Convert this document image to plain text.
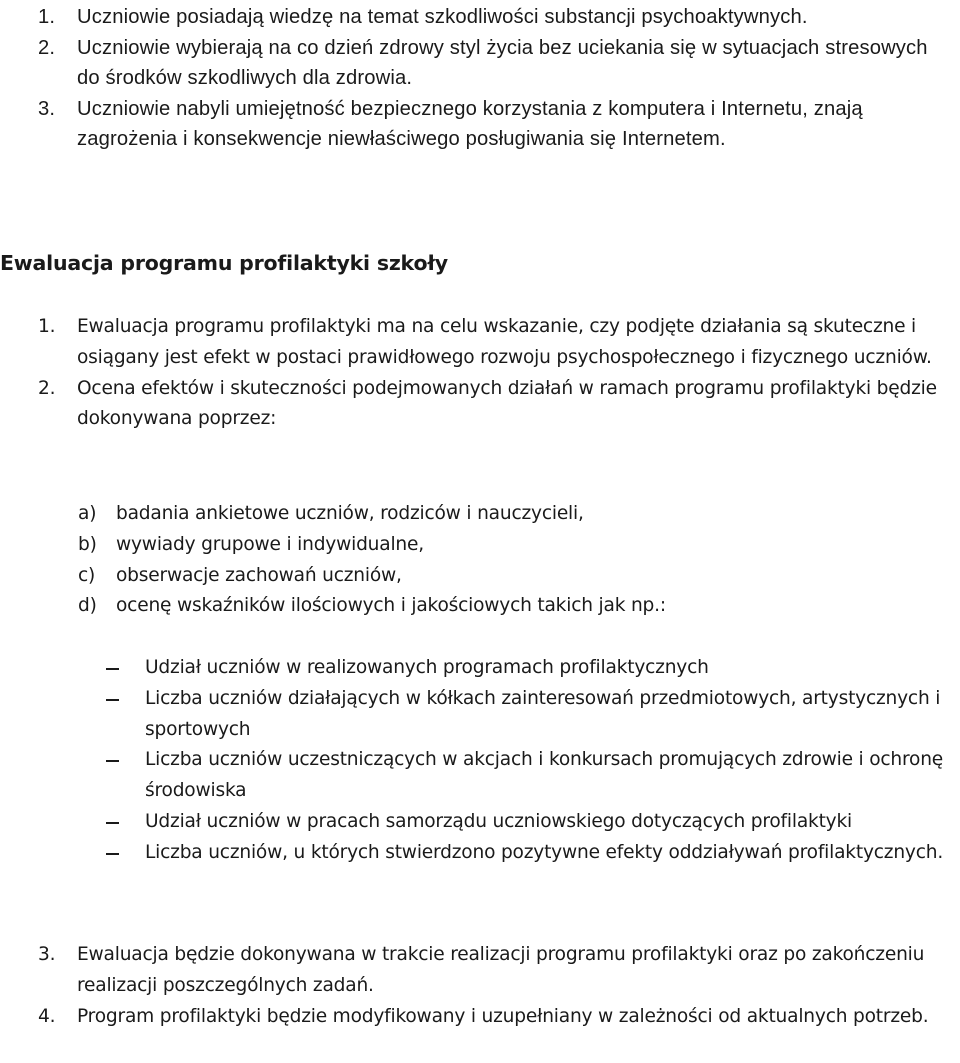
1. Uczniowie posiadają wiedzę na temat szkodliwości substancji psychoaktywnych.
2. Uczniowie wybierają na co dzień zdrowy styl życia bez uciekania się w sytuacjach stresowych do środków szkodliwych dla zdrowia.
3. Uczniowie nabyli umiejętność bezpiecznego korzystania z komputera i Internetu, znają zagrożenia i konsekwencje niewłaściwego posługiwania się Internetem.
Ewaluacja programu profilaktyki szkoły
1. Ewaluacja programu profilaktyki ma na celu wskazanie, czy podjęte działania są skuteczne i osiągany jest efekt w postaci prawidłowego rozwoju psychospołecznego i fizycznego uczniów.
2. Ocena efektów i skuteczności podejmowanych działań w ramach programu profilaktyki będzie dokonywana poprzez:
a) badania ankietowe uczniów, rodziców i nauczycieli,
b) wywiady grupowe i indywidualne,
c) obserwacje zachowań uczniów,
d) ocenę wskaźników ilościowych i jakościowych takich jak np.:
Udział uczniów w realizowanych programach profilaktycznych
Liczba uczniów działających w kółkach zainteresowań przedmiotowych, artystycznych i sportowych
Liczba uczniów uczestniczących w akcjach i konkursach promujących zdrowie i ochronę środowiska
Udział uczniów w pracach samorządu uczniowskiego dotyczących profilaktyki
Liczba uczniów, u których stwierdzono pozytywne efekty oddziaływań profilaktycznych.
3. Ewaluacja będzie dokonywana w trakcie realizacji programu profilaktyki oraz po zakończeniu realizacji poszczególnych zadań.
4. Program profilaktyki będzie modyfikowany i uzupełniany w zależności od aktualnych potrzeb.
